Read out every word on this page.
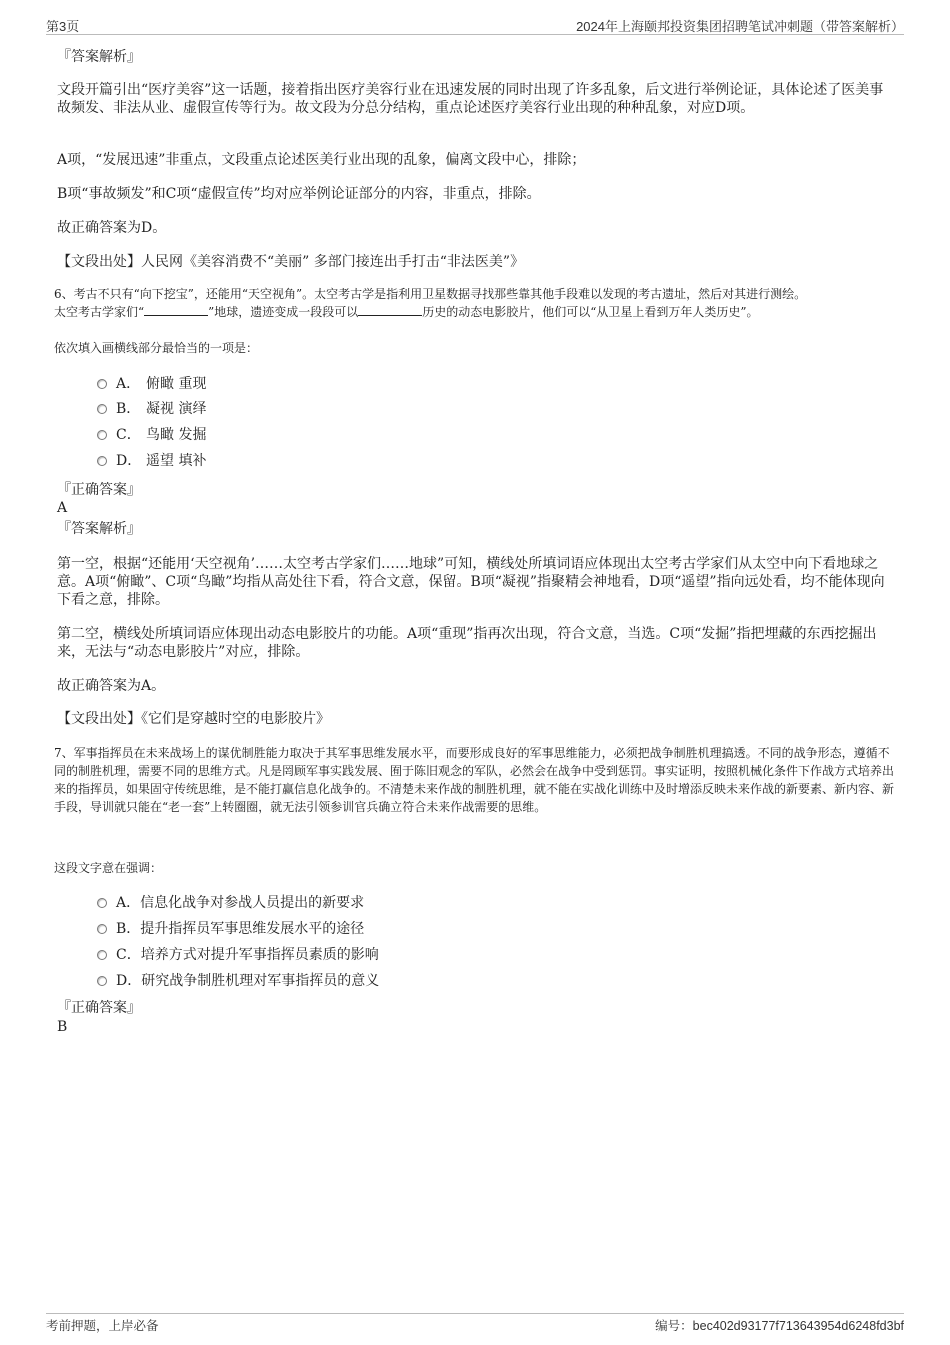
第3页	2024年上海颐邦投资集团招聘笔试冲刺题（带答案解析）
『答案解析』
文段开篇引出“医疗美容”这一话题，接着指出医疗美容行业在迅速发展的同时出现了许多乱象，后文进行举例论证，具体论述了医美事故频发、非法从业、虚假宣传等行为。故文段为分总分结构，重点论述医疗美容行业出现的种种乱象，对应D项。
A项，“发展迅速”非重点，文段重点论述医美行业出现的乱象，偏离文段中心，排除；
B项“事故频发”和C项“虚假宣传”均对应举例论证部分的内容，非重点，排除。
故正确答案为D。
【文段出处】人民网《美容消费不“美丽” 多部门接连出手打击“非法医美”》
6、考古不只有“向下挖宝”，还能用“天空视角”。太空考古学是指利用卫星数据寻找那些靠其他手段难以发现的考古遗址，然后对其进行测绘。
太空考古学家们“	”地球，遗迹变成一段段可以	历史的动态电影胶片，他们可以“从卫星上看到万年人类历史”。
依次填入画横线部分最恰当的一项是：
A． 俯瞰 重现
B． 凝视 演绎
C． 鸟瞰 发掘
D． 遥望 填补
『正确答案』
A
『答案解析』
第一空，根据“还能用‘天空视角’……太空考古学家们……地球”可知，横线处所填词语应体现出太空考古学家们从太空中向下看地球之意。A项“俯瞰”、C项“鸟瞰”均指从高处往下看，符合文意，保留。B项“凝视”指聚精会神地看，D项“遥望”指向远处看，均不能体现向下看之意，排除。
第二空，横线处所填词语应体现出动态电影胶片的功能。A项“重现”指再次出现，符合文意，当选。C项“发掘”指把埋藏的东西挖掘出来，无法与“动态电影胶片”对应，排除。
故正确答案为A。
【文段出处】《它们是穿越时空的电影胶片》
7、军事指挥员在未来战场上的谋优制胜能力取决于其军事思维发展水平，而要形成良好的军事思维能力，必须把战争制胜机理搞透。不同的战争形态，遵循不同的制胜机理，需要不同的思维方式。凡是罔顾军事实践发展、囿于陈旧观念的军队，必然会在战争中受到惩罚。事实证明，按照机械化条件下作战方式培养出来的指挥员，如果固守传统思维，是不能打赢信息化战争的。不清楚未来作战的制胜机理，就不能在实战化训练中及时增添反映未来作战的新要素、新内容、新手段，导训就只能在“老一套”上转圈圈，就无法引领参训官兵确立符合未来作战需要的思维。
这段文字意在强调：
A．信息化战争对参战人员提出的新要求
B．提升指挥员军事思维发展水平的途径
C．培养方式对提升军事指挥员素质的影响
D．研究战争制胜机理对军事指挥员的意义
『正确答案』
B
考前押题，上岸必备	编号：bec402d93177f713643954d6248fd3bf
